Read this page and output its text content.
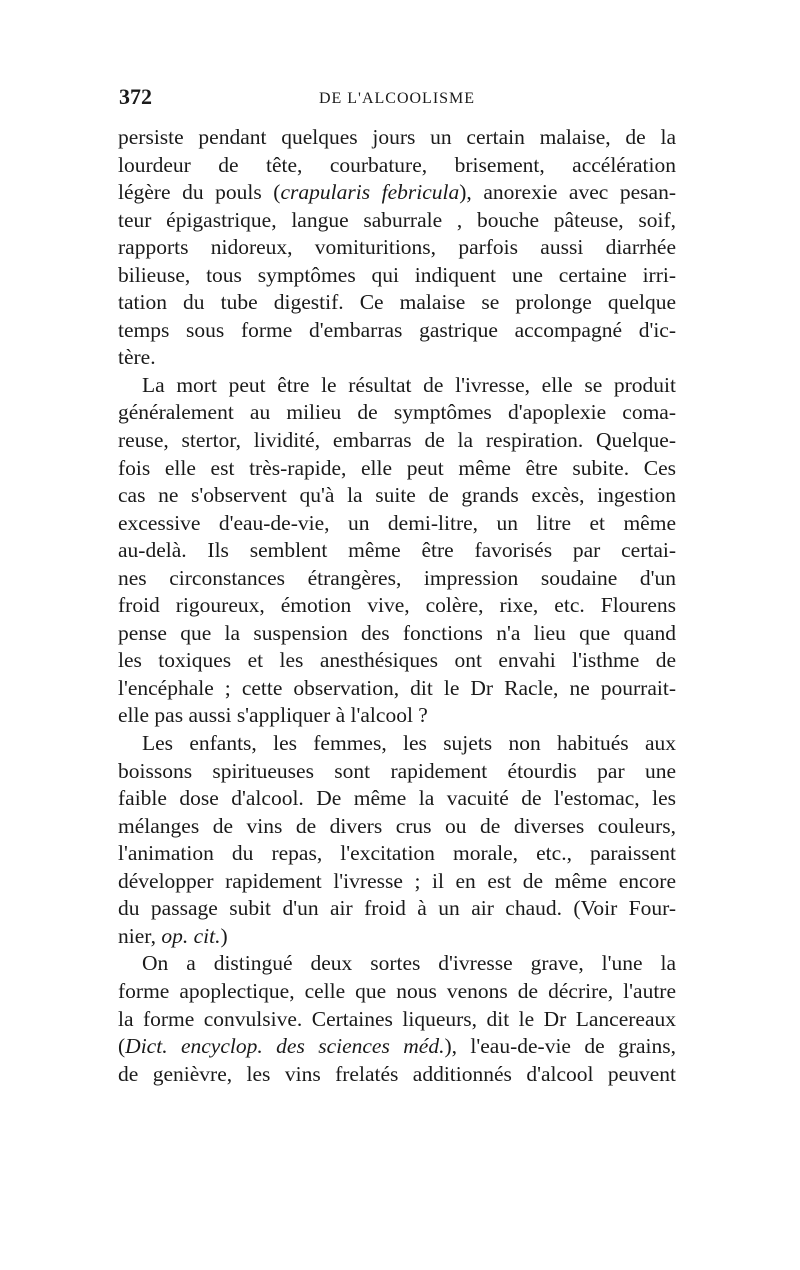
372	DE L'ALCOOLISME
persiste pendant quelques jours un certain malaise, de la
lourdeur de tête, courbature, brisement, accélération
légère du pouls (crapularis febricula), anorexie avec pesan-
teur épigastrique, langue saburrale , bouche pâteuse, soif,
rapports nidoreux, vomituritions, parfois aussi diarrhée
bilieuse, tous symptômes qui indiquent une certaine irri-
tation du tube digestif. Ce malaise se prolonge quelque
temps sous forme d'embarras gastrique accompagné d'ic-
tère.
La mort peut être le résultat de l'ivresse, elle se produit
généralement au milieu de symptômes d'apoplexie coma-
reuse, stertor, lividité, embarras de la respiration. Quelque-
fois elle est très-rapide, elle peut même être subite. Ces
cas ne s'observent qu'à la suite de grands excès, ingestion
excessive d'eau-de-vie, un demi-litre, un litre et même
au-delà. Ils semblent même être favorisés par certai-
nes circonstances étrangères, impression soudaine d'un
froid rigoureux, émotion vive, colère, rixe, etc. Flourens
pense que la suspension des fonctions n'a lieu que quand
les toxiques et les anesthésiques ont envahi l'isthme de
l'encéphale ; cette observation, dit le Dr Racle, ne pourrait-
elle pas aussi s'appliquer à l'alcool ?
Les enfants, les femmes, les sujets non habitués aux
boissons spiritueuses sont rapidement étourdis par une
faible dose d'alcool. De même la vacuité de l'estomac, les
mélanges de vins de divers crus ou de diverses couleurs,
l'animation du repas, l'excitation morale, etc., paraissent
développer rapidement l'ivresse ; il en est de même encore
du passage subit d'un air froid à un air chaud. (Voir Four-
nier, op. cit.)
On a distingué deux sortes d'ivresse grave, l'une la
forme apoplectique, celle que nous venons de décrire, l'autre
la forme convulsive. Certaines liqueurs, dit le Dr Lancereaux
(Dict. encyclop. des sciences méd.), l'eau-de-vie de grains,
de genièvre, les vins frelatés additionnés d'alcool peuvent
